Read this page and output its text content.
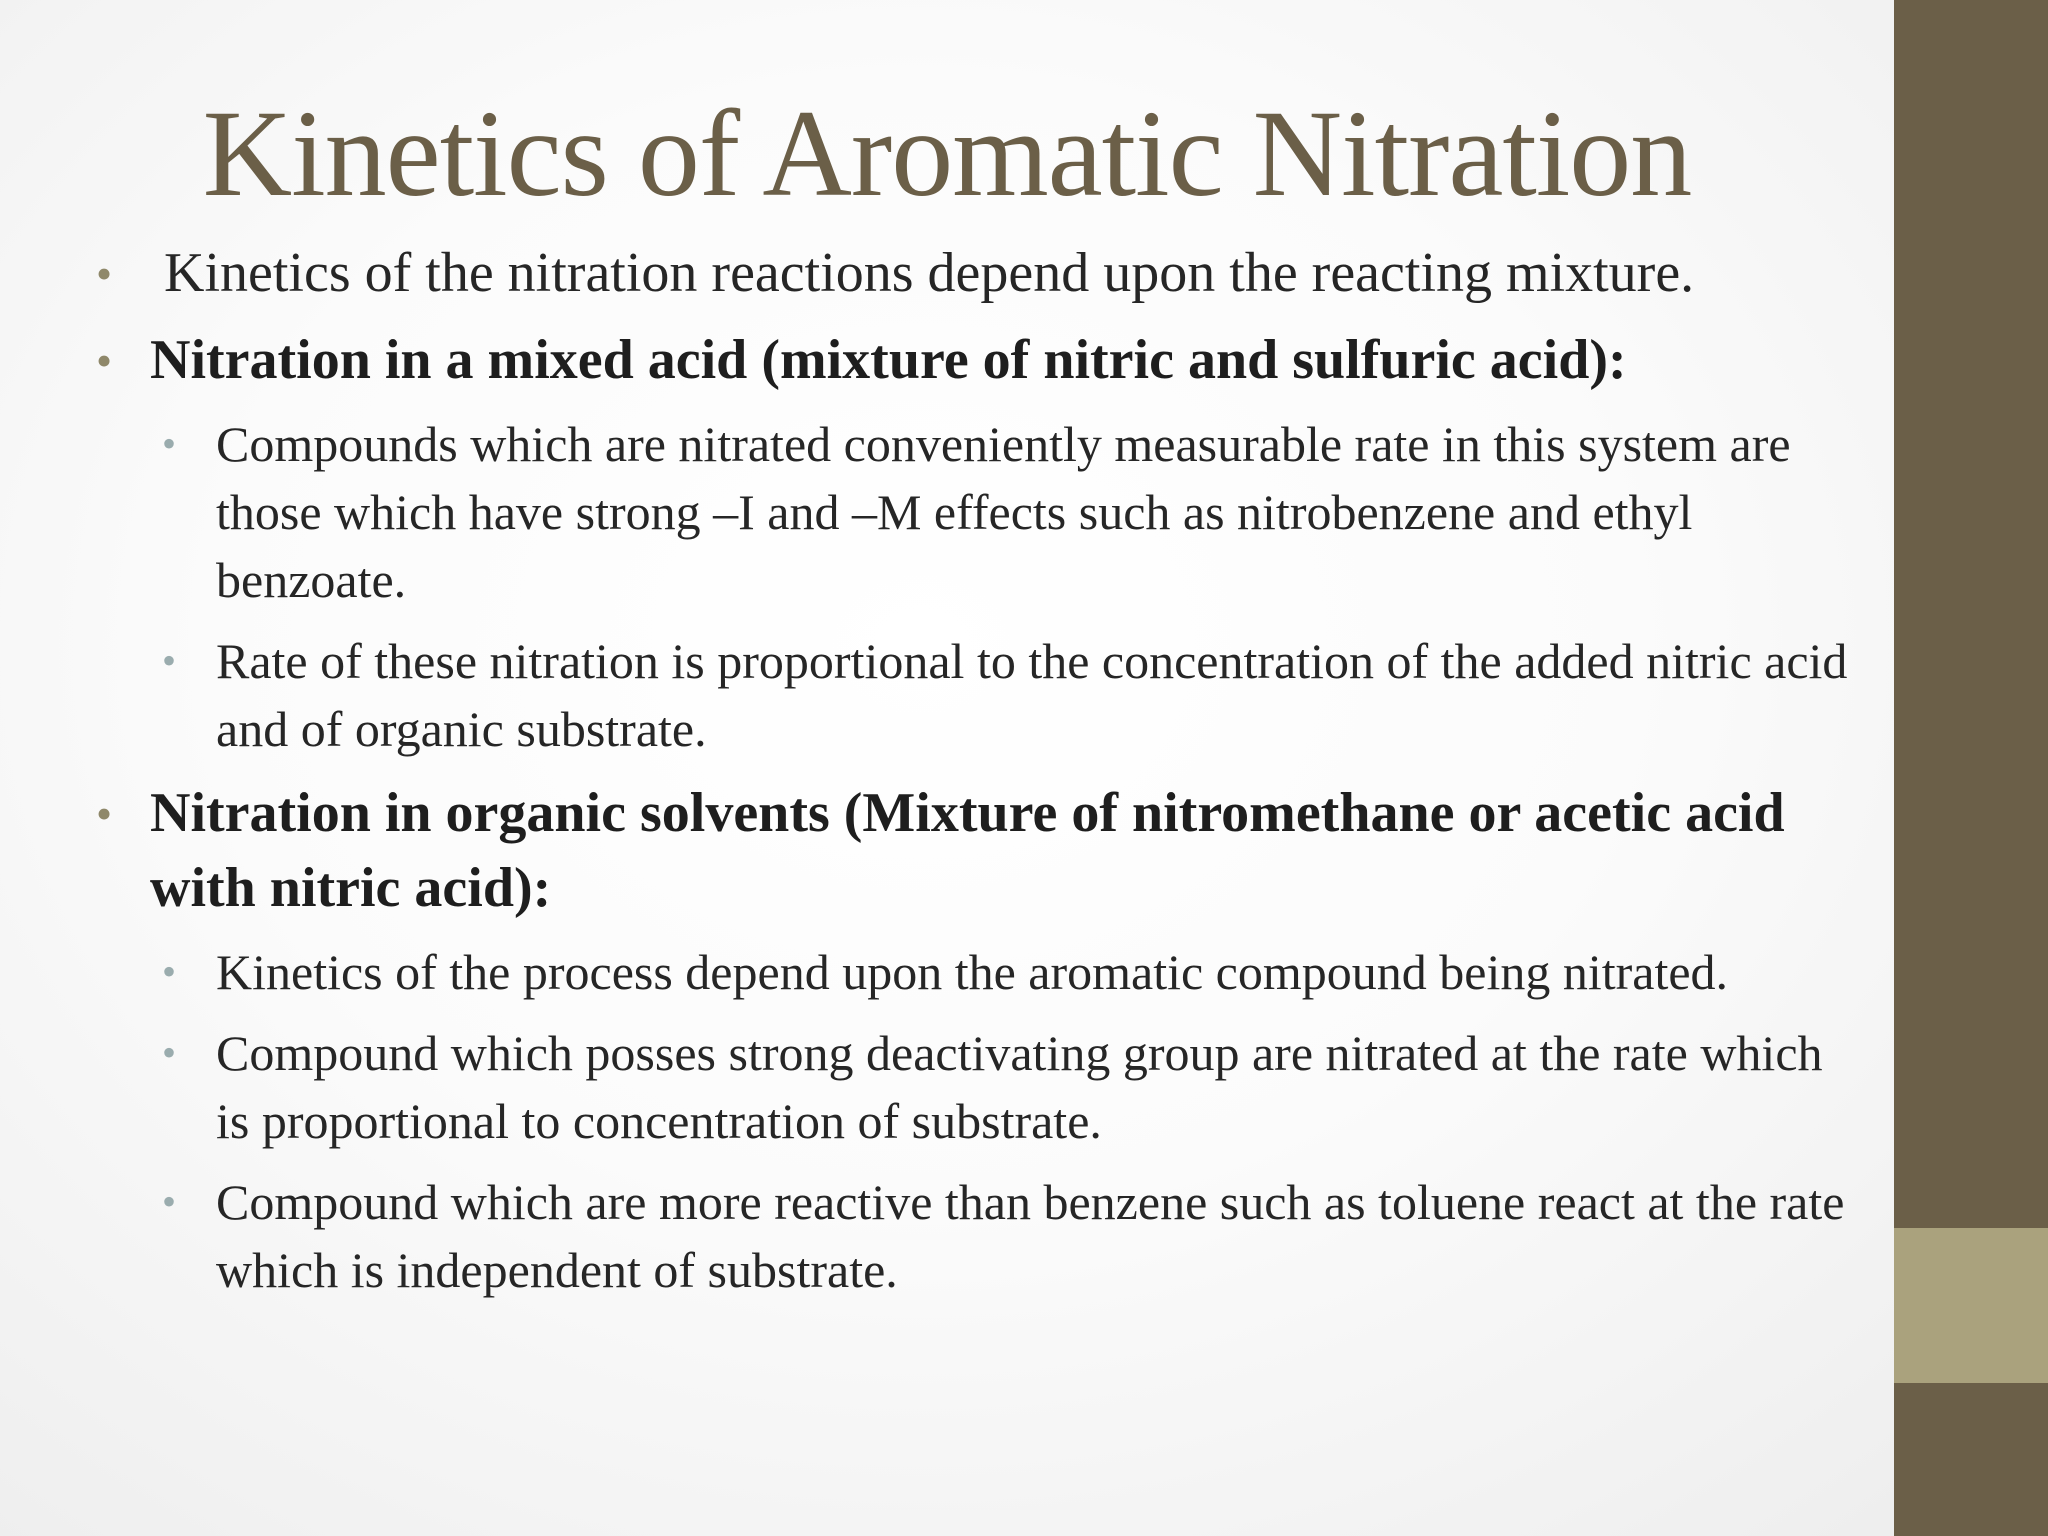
Kinetics of Aromatic Nitration
• Kinetics of the nitration reactions depend upon the reacting mixture.
• Nitration in a mixed acid (mixture of nitric and sulfuric acid):
• Compounds which are nitrated conveniently measurable rate in this system are those which have strong –I and –M effects such as nitrobenzene and ethyl benzoate.
• Rate of these nitration is proportional to the concentration of the added nitric acid and of organic substrate.
• Nitration in organic solvents (Mixture of nitromethane or acetic acid with nitric acid):
• Kinetics of the process depend upon the aromatic compound being nitrated.
• Compound which posses strong deactivating group are nitrated at the rate which is proportional to concentration of substrate.
• Compound which are more reactive than benzene such as toluene react at the rate which is independent of substrate.
